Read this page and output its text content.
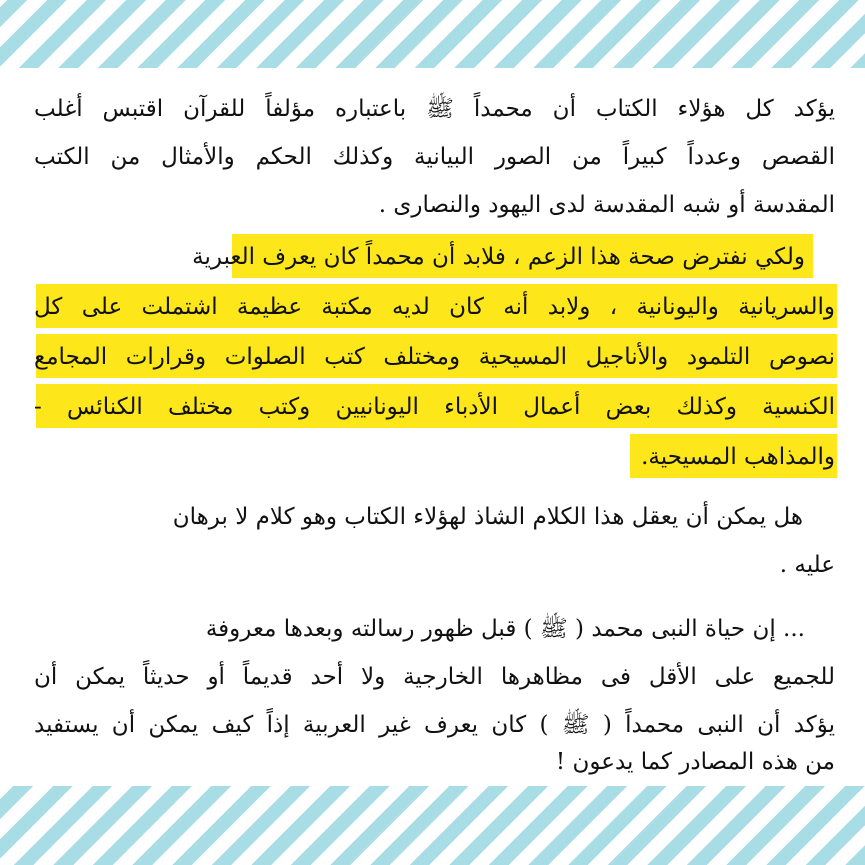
يؤكد كل هؤلاء الكتاب أن محمداً ﷺ باعتباره مؤلفاً للقرآن اقتبس أغلب
القصص وعدداً كبيراً من الصور البيانية وكذلك الحكم والأمثال من الكتب
المقدسة أو شبه المقدسة لدى اليهود والنصارى .
ولكي نفترض صحة هذا الزعم ، فلابد أن محمداً كان يعرف العبرية
والسريانية واليونانية ، ولابد أنه كان لديه مكتبة عظيمة اشتملت على كل
نصوص التلمود والأناجيل المسيحية ومختلف كتب الصلوات وقرارات المجامع
الكنسية وكذلك بعض أعمال الأدباء اليونانيين وكتب مختلف الكنائس -
والمذاهب المسيحية.
هل يمكن أن يعقل هذا الكلام الشاذ لهؤلاء الكتاب وهو كلام لا برهان
عليه .
... إن حياة النبى محمد ( ﷺ ) قبل ظهور رسالته وبعدها معروفة
للجميع على الأقل فى مظاهرها الخارجية ولا أحد قديماً أو حديثاً يمكن أن
يؤكد أن النبى محمداً ( ﷺ ) كان يعرف غير العربية إذاً كيف يمكن أن يستفيد
من هذه المصادر كما يدعون !
